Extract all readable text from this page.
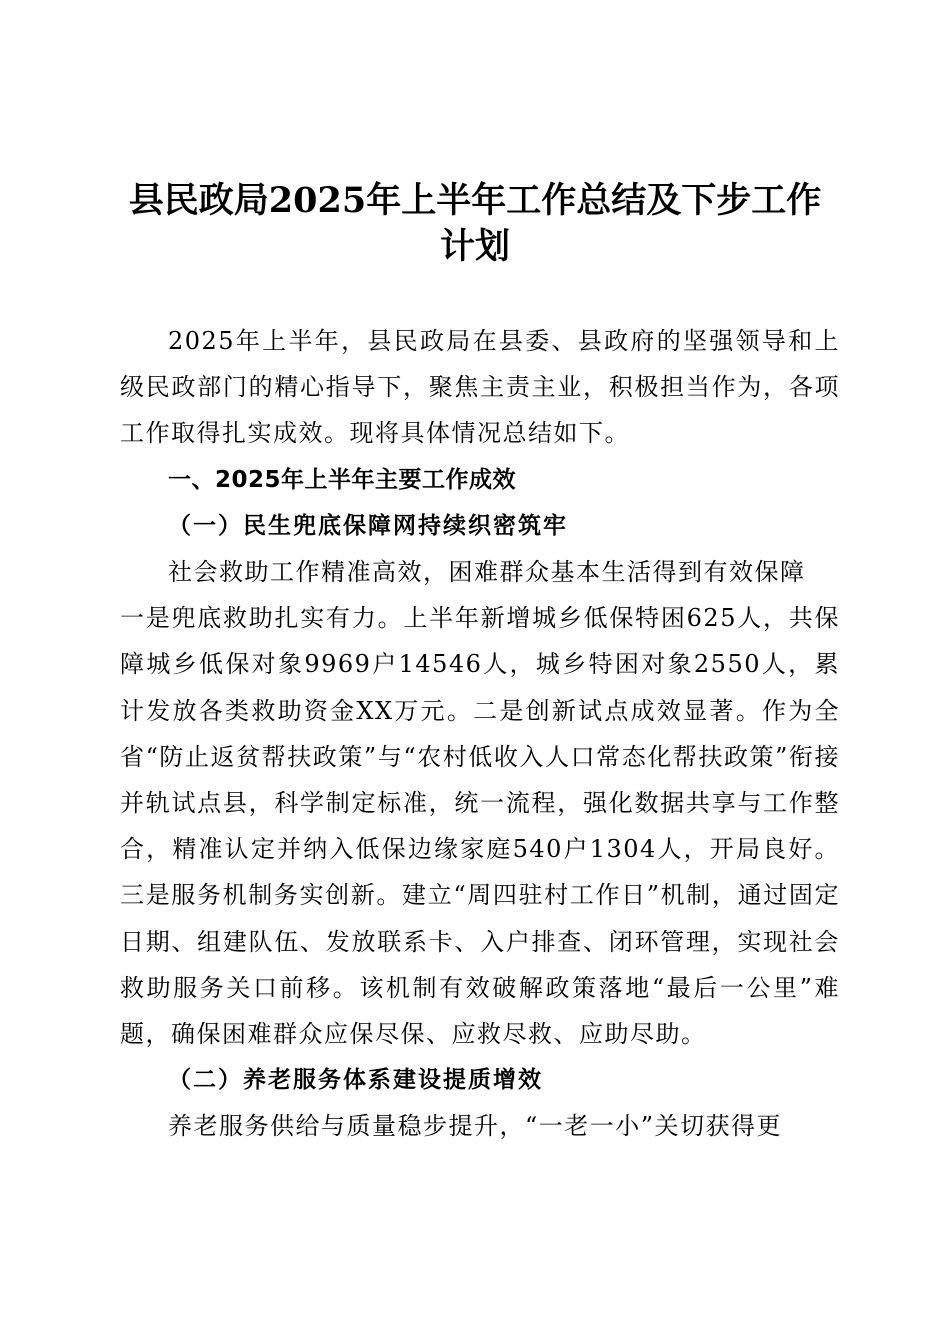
县民政局2025年上半年工作总结及下步工作
计划

2025年上半年，县民政局在县委、县政府的坚强领导和上级民政部门的精心指导下，聚焦主责主业，积极担当作为，各项工作取得扎实成效。现将具体情况总结如下。

一、2025年上半年主要工作成效

（一）民生兜底保障网持续织密筑牢

社会救助工作精准高效，困难群众基本生活得到有效保障

一是兜底救助扎实有力。上半年新增城乡低保特困625人，共保障城乡低保对象9969户14546人，城乡特困对象2550人，累计发放各类救助资金XX万元。二是创新试点成效显著。作为全省“防止返贫帮扶政策”与“农村低收入人口常态化帮扶政策”衔接并轨试点县，科学制定标准，统一流程，强化数据共享与工作整合，精准认定并纳入低保边缘家庭540户1304人，开局良好。三是服务机制务实创新。建立“周四驻村工作日”机制，通过固定日期、组建队伍、发放联系卡、入户排查、闭环管理，实现社会救助服务关口前移。该机制有效破解政策落地“最后一公里”难题，确保困难群众应保尽保、应救尽救、应助尽助。

（二）养老服务体系建设提质增效

养老服务供给与质量稳步提升，“一老一小”关切获得更
